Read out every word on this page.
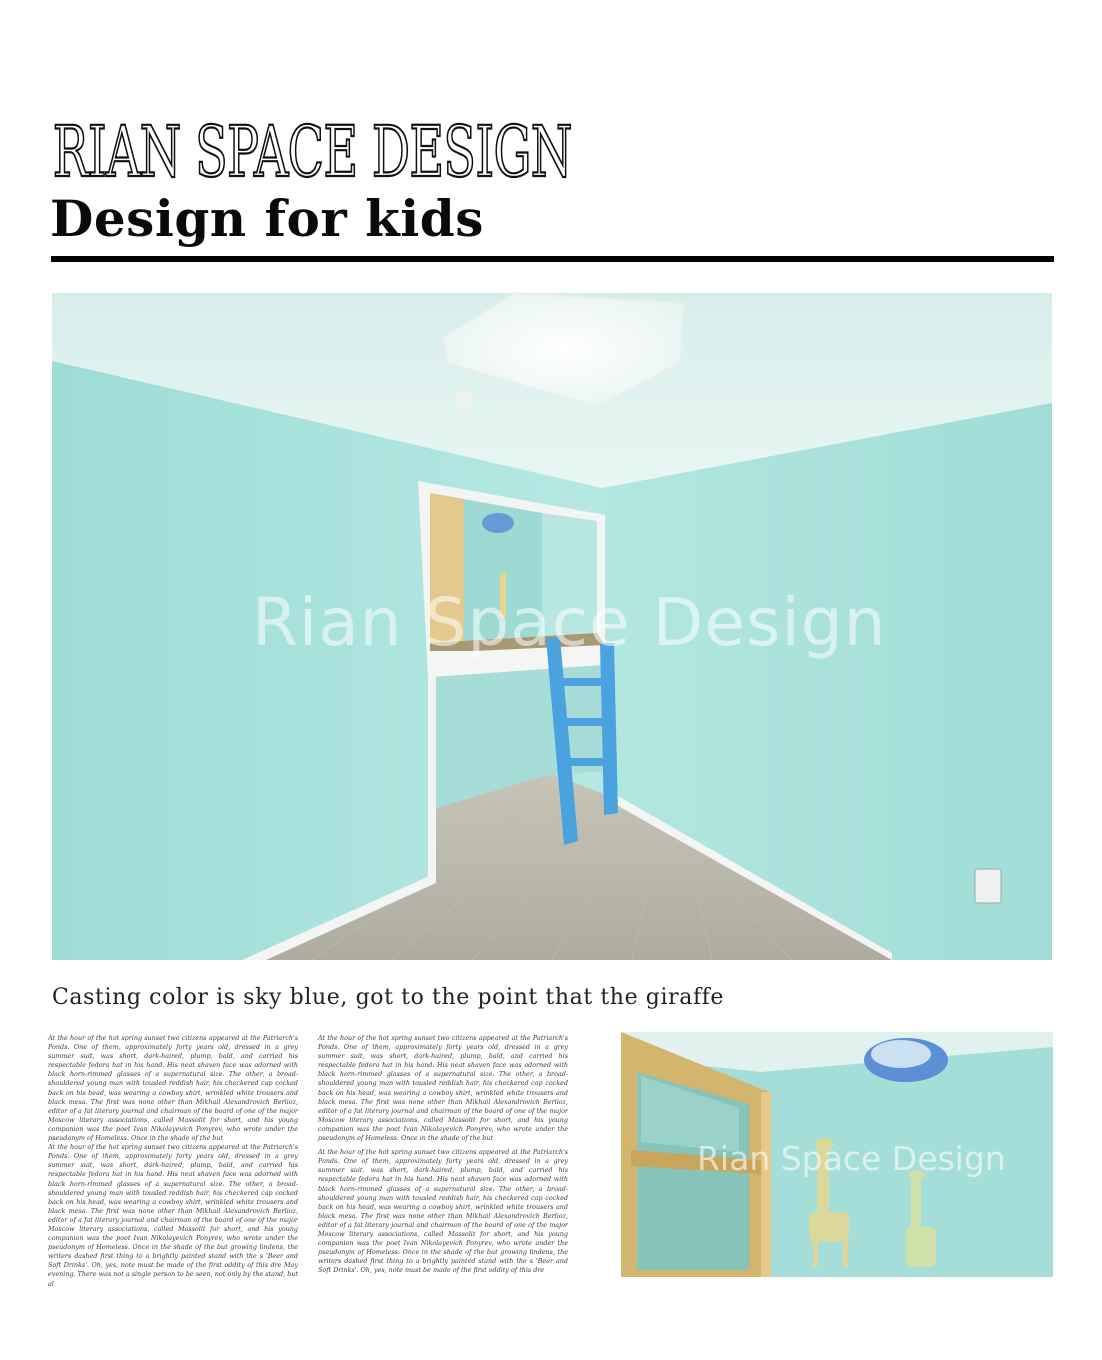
RIAN SPACE DESIGN
Design for kids
Rian Space Design

Casting color is sky blue, got to the point that the giraffe

At the hour of the hot spring sunset two citizens appeared at the Patriarch's Ponds. One of them, approximately forty years old, dressed in a grey summer suit, was short, dark-haired, plump, bald, and carried his respectable fedora hat in his hand. His neat shaven face was adorned with black horn-rimmed glasses of a supernatural size. The other, a broad-shouldered young man with tousled reddish hair, his checkered cap cocked back on his head, was wearing a cowboy shirt, wrinkled white trousers and black mesa. The first was none other than Mikhail Alexandrovich Berlioz, editor of a fat literary journal and chairman of the board of one of the major Moscow literary associations, called Massolit for short, and his young companion was the poet Ivan Nikolayevich Ponyrev, who wrote under the pseudonym of Homeless. Once in the shade of the but

At the hour of the hot spring sunset two citizens appeared at the Patriarch's Ponds. One of them, approximately forty years old, dressed in a grey summer suit, was short, dark-haired, plump, bald, and carried his respectable fedora hat in his hand. His neat shaven face was adorned with black horn-rimmed glasses of a supernatural size. The other, a broad-shouldered young man with tousled reddish hair, his checkered cap cocked back on his head, was wearing a cowboy shirt, wrinkled white trousers and black mesa. The first was none other than Mikhail Alexandrovich Berlioz, editor of a fat literary journal and chairman of the board of one of the major Moscow literary associations, called Massolit for short, and his young companion was the poet Ivan Nikolayevich Ponyrev, who wrote under the pseudonym of Homeless. Once in the shade of the but growing lindens, the writers dashed first thing to a brightly painted stand with the s 'Beer and Soft Drinks'. Oh, yes, note must be made of the first oddity of this dre May evening. There was not a single person to be seen, not only by the stand, but al

At the hour of the hot spring sunset two citizens appeared at the Patriarch's Ponds. One of them, approximately forty years old, dressed in a grey summer suit, was short, dark-haired, plump, bald, and carried his respectable fedora hat in his hand. His neat shaven face was adorned with black horn-rimmed glasses of a supernatural size. The other, a broad-shouldered young man with tousled reddish hair, his checkered cap cocked back on his head, was wearing a cowboy shirt, wrinkled white trousers and black mesa. The first was none other than Mikhail Alexandrovich Berlioz, editor of a fat literary journal and chairman of the board of one of the major Moscow literary associations, called Massolit for short, and his young companion was the poet Ivan Nikolayevich Ponyrev, who wrote under the pseudonym of Homeless. Once in the shade of the but

At the hour of the hot spring sunset two citizens appeared at the Patriarch's Ponds. One of them, approximately forty years old, dressed in a grey summer suit, was short, dark-haired, plump, bald, and carried his respectable fedora hat in his hand. His neat shaven face was adorned with black horn-rimmed glasses of a supernatural size. The other, a broad-shouldered young man with tousled reddish hair, his checkered cap cocked back on his head, was wearing a cowboy shirt, wrinkled white trousers and black mesa. The first was none other than Mikhail Alexandrovich Berlioz, editor of a fat literary journal and chairman of the board of one of the major Moscow literary associations, called Massolit for short, and his young companion was the poet Ivan Nikolayevich Ponyrev, who wrote under the pseudonym of Homeless. Once in the shade of the but growing lindens, the writers dashed first thing to a brightly painted stand with the s 'Beer and Soft Drinks'. Oh, yes, note must be made of the first oddity of this dre

Rian Space Design
